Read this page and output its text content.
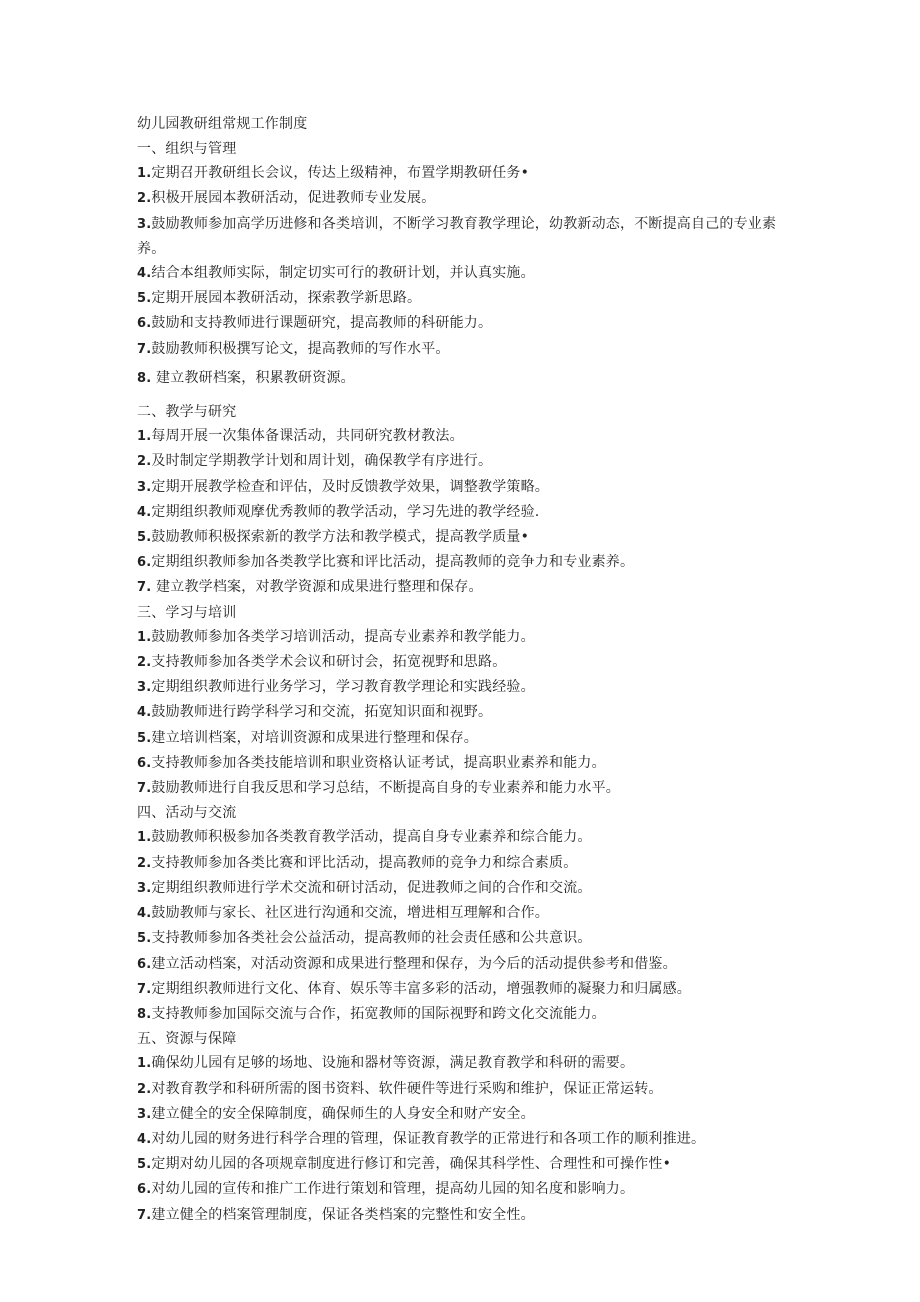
幼儿园教研组常规工作制度
一、组织与管理
1.定期召开教研组长会议，传达上级精神，布置学期教研任务•
2.积极开展园本教研活动，促进教师专业发展。
3.鼓励教师参加高学历进修和各类培训，不断学习教育教学理论，幼教新动态，不断提高自己的专业素养。
4.结合本组教师实际，制定切实可行的教研计划，并认真实施。
5.定期开展园本教研活动，探索教学新思路。
6.鼓励和支持教师进行课题研究，提高教师的科研能力。
7.鼓励教师积极撰写论文，提高教师的写作水平。
8. 建立教研档案，积累教研资源。
二、教学与研究
1.每周开展一次集体备课活动，共同研究教材教法。
2.及时制定学期教学计划和周计划，确保教学有序进行。
3.定期开展教学检查和评估，及时反馈教学效果，调整教学策略。
4.定期组织教师观摩优秀教师的教学活动，学习先进的教学经验.
5.鼓励教师积极探索新的教学方法和教学模式，提高教学质量•
6.定期组织教师参加各类教学比赛和评比活动，提高教师的竞争力和专业素养。
7. 建立教学档案，对教学资源和成果进行整理和保存。
三、学习与培训
1.鼓励教师参加各类学习培训活动，提高专业素养和教学能力。
2.支持教师参加各类学术会议和研讨会，拓宽视野和思路。
3.定期组织教师进行业务学习，学习教育教学理论和实践经验。
4.鼓励教师进行跨学科学习和交流，拓宽知识面和视野。
5.建立培训档案，对培训资源和成果进行整理和保存。
6.支持教师参加各类技能培训和职业资格认证考试，提高职业素养和能力。
7.鼓励教师进行自我反思和学习总结，不断提高自身的专业素养和能力水平。
四、活动与交流
1.鼓励教师积极参加各类教育教学活动，提高自身专业素养和综合能力。
2.支持教师参加各类比赛和评比活动，提高教师的竞争力和综合素质。
3.定期组织教师进行学术交流和研讨活动，促进教师之间的合作和交流。
4.鼓励教师与家长、社区进行沟通和交流，增进相互理解和合作。
5.支持教师参加各类社会公益活动，提高教师的社会责任感和公共意识。
6.建立活动档案，对活动资源和成果进行整理和保存，为今后的活动提供参考和借鉴。
7.定期组织教师进行文化、体育、娱乐等丰富多彩的活动，增强教师的凝聚力和归属感。
8.支持教师参加国际交流与合作，拓宽教师的国际视野和跨文化交流能力。
五、资源与保障
1.确保幼儿园有足够的场地、设施和器材等资源，满足教育教学和科研的需要。
2.对教育教学和科研所需的图书资料、软件硬件等进行采购和维护，保证正常运转。
3.建立健全的安全保障制度，确保师生的人身安全和财产安全。
4.对幼儿园的财务进行科学合理的管理，保证教育教学的正常进行和各项工作的顺利推进。
5.定期对幼儿园的各项规章制度进行修订和完善，确保其科学性、合理性和可操作性•
6.对幼儿园的宣传和推广工作进行策划和管理，提高幼儿园的知名度和影响力。
7.建立健全的档案管理制度，保证各类档案的完整性和安全性。
